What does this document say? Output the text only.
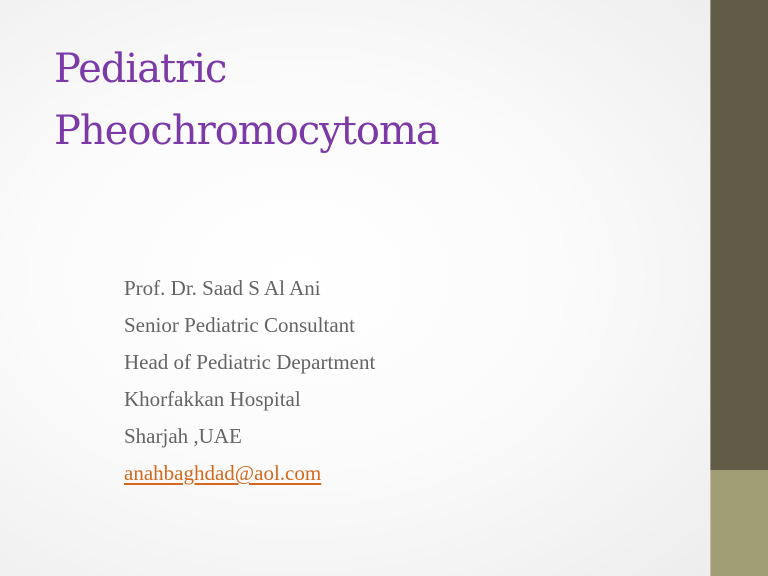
Pediatric
Pheochromocytoma
Prof. Dr. Saad S Al Ani
Senior Pediatric Consultant
Head of Pediatric Department
Khorfakkan Hospital
Sharjah ,UAE
anahbaghdad@aol.com
